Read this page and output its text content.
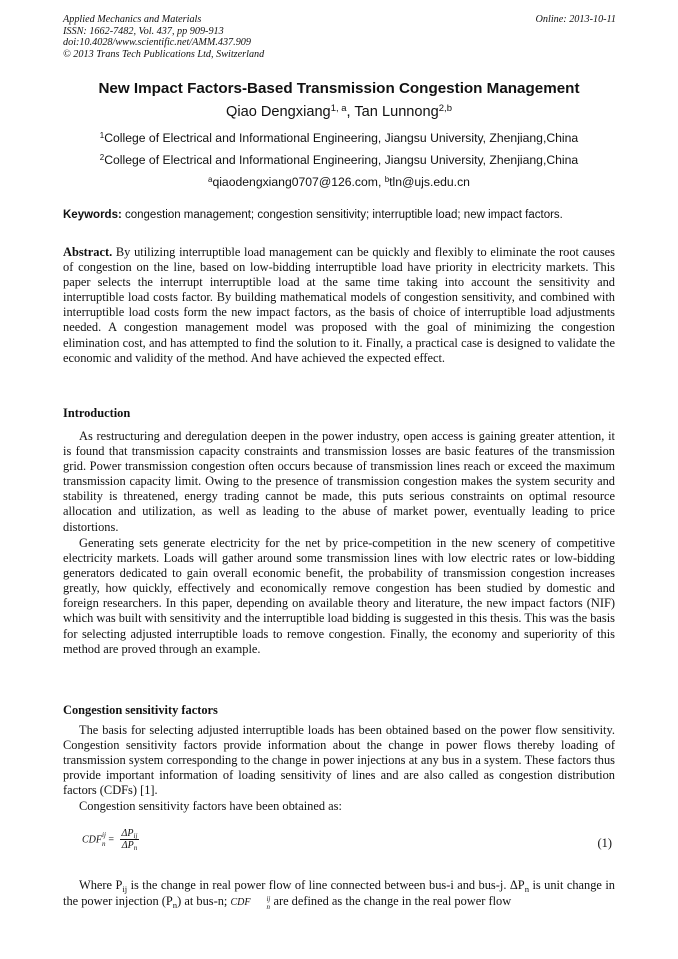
Applied Mechanics and Materials
ISSN: 1662-7482, Vol. 437, pp 909-913
doi:10.4028/www.scientific.net/AMM.437.909
© 2013 Trans Tech Publications Ltd, Switzerland
Online: 2013-10-11
New Impact Factors-Based Transmission Congestion Management
Qiao Dengxiang$^{1, a}$, Tan Lunnong$^{2,b}$
$^1$College of Electrical and Informational Engineering, Jiangsu University, Zhenjiang,China
$^2$College of Electrical and Informational Engineering, Jiangsu University, Zhenjiang,China
$^a$qiaodengxiang0707@126.com, $^b$tln@ujs.edu.cn
Keywords: congestion management; congestion sensitivity; interruptible load; new impact factors.

Abstract. By utilizing interruptible load management can be quickly and flexibly to eliminate the root causes of congestion on the line, based on low-bidding interruptible load have priority in electricity markets. This paper selects the interrupt interruptible load at the same time taking into account the sensitivity and interruptible load costs factor. By building mathematical models of congestion sensitivity, and combined with interruptible load costs form the new impact factors, as the basis of choice of interruptible load adjustments needed. A congestion management model was proposed with the goal of minimizing the congestion elimination cost, and has attempted to find the solution to it. Finally, a practical case is designed to validate the economic and validity of the method. And have achieved the expected effect.

Introduction

As restructuring and deregulation deepen in the power industry, open access is gaining greater attention, it is found that transmission capacity constraints and transmission losses are basic features of the transmission grid. Power transmission congestion often occurs because of transmission lines reach or exceed the maximum transmission capacity limit. Owing to the presence of transmission congestion makes the system security and stability is threatened, energy trading cannot be made, this puts serious constraints on optimal resource allocation and utilization, as well as leading to the abuse of market power, eventually leading to price distortions.

Generating sets generate electricity for the net by price-competition in the new scenery of competitive electricity markets. Loads will gather around some transmission lines with low electric rates or low-bidding generators dedicated to gain overall economic benefit, the probability of transmission congestion increases greatly, how quickly, effectively and economically remove congestion has been studied by domestic and foreign researchers. In this paper, depending on available theory and literature, the new impact factors (NIF) which was built with sensitivity and the interruptible load bidding is suggested in this thesis. This was the basis for selecting adjusted interruptible loads to remove congestion. Finally, the economy and superiority of this method are proved through an example.

Congestion sensitivity factors

The basis for selecting adjusted interruptible loads has been obtained based on the power flow sensitivity. Congestion sensitivity factors provide information about the change in power flows thereby loading of transmission system corresponding to the change in power injections at any bus in a system. These factors thus provide important information of loading sensitivity of lines and are also called as congestion distribution factors (CDFs) [1].

Congestion sensitivity factors have been obtained as:

CDF ij
$n = \frac{\Delta P_{ij}}{\Delta P_n}$	(1)

Where $P_{ij}$ is the change in real power flow of line connected between bus-i and bus-j. $\Delta P_n$ is unit change in the power injection $(P_n)$ at bus-n; CDF	ij
n are defined as the change in the real power flow
